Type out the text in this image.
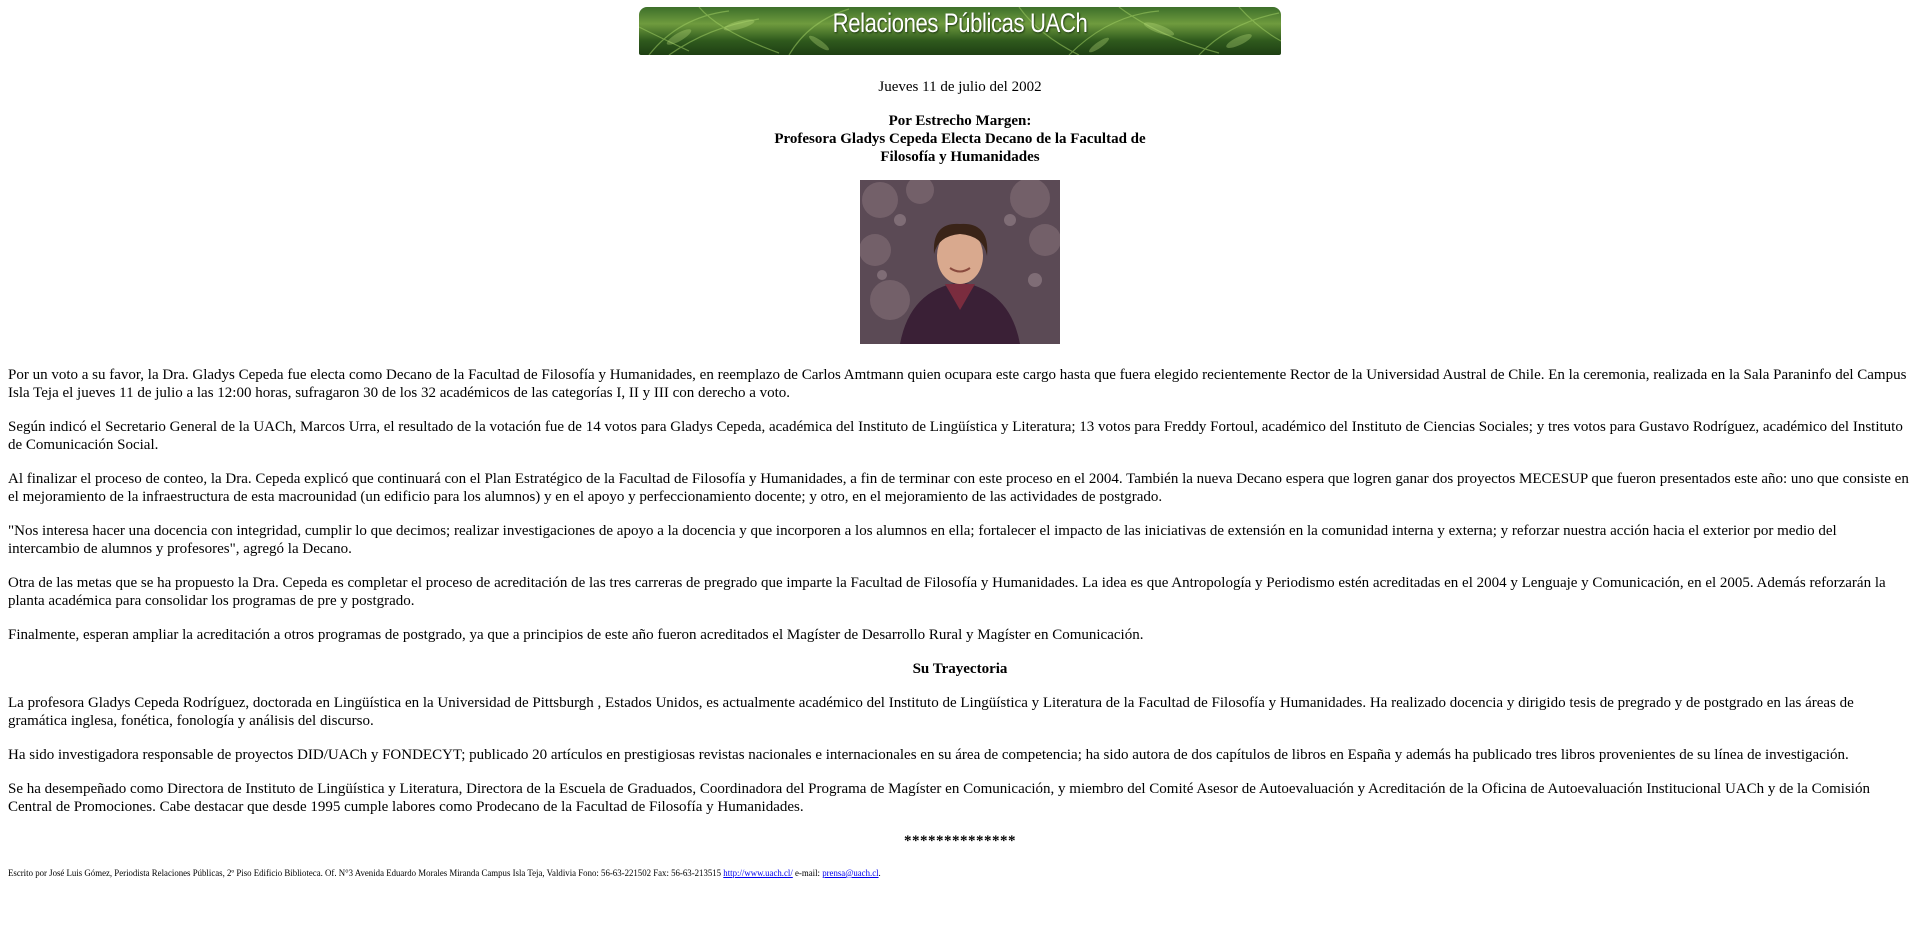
Relaciones Públicas UACh
Jueves 11 de julio del 2002
Por Estrecho Margen:
Profesora Gladys Cepeda Electa Decano de la Facultad de
Filosofía y Humanidades

Por un voto a su favor, la Dra. Gladys Cepeda fue electa como Decano de la Facultad de Filosofía y Humanidades, en reemplazo de Carlos Amtmann quien ocupara este cargo hasta que fuera elegido recientemente Rector de la Universidad Austral de Chile. En la ceremonia, realizada en la Sala Paraninfo del Campus Isla Teja el jueves 11 de julio a las 12:00 horas, sufragaron 30 de los 32 académicos de las categorías I, II y III con derecho a voto.

Según indicó el Secretario General de la UACh, Marcos Urra, el resultado de la votación fue de 14 votos para Gladys Cepeda, académica del Instituto de Lingüística y Literatura; 13 votos para Freddy Fortoul, académico del Instituto de Ciencias Sociales; y tres votos para Gustavo Rodríguez, académico del Instituto de Comunicación Social.

Al finalizar el proceso de conteo, la Dra. Cepeda explicó que continuará con el Plan Estratégico de la Facultad de Filosofía y Humanidades, a fin de terminar con este proceso en el 2004. También la nueva Decano espera que logren ganar dos proyectos MECESUP que fueron presentados este año: uno que consiste en el mejoramiento de la infraestructura de esta macrounidad (un edificio para los alumnos) y en el apoyo y perfeccionamiento docente; y otro, en el mejoramiento de las actividades de postgrado.

"Nos interesa hacer una docencia con integridad, cumplir lo que decimos; realizar investigaciones de apoyo a la docencia y que incorporen a los alumnos en ella; fortalecer el impacto de las iniciativas de extensión en la comunidad interna y externa; y reforzar nuestra acción hacia el exterior por medio del intercambio de alumnos y profesores", agregó la Decano.

Otra de las metas que se ha propuesto la Dra. Cepeda es completar el proceso de acreditación de las tres carreras de pregrado que imparte la Facultad de Filosofía y Humanidades. La idea es que Antropología y Periodismo estén acreditadas en el 2004 y Lenguaje y Comunicación, en el 2005. Además reforzarán la planta académica para consolidar los programas de pre y postgrado.

Finalmente, esperan ampliar la acreditación a otros programas de postgrado, ya que a principios de este año fueron acreditados el Magíster de Desarrollo Rural y Magíster en Comunicación.

Su Trayectoria

La profesora Gladys Cepeda Rodríguez, doctorada en Lingüística en la Universidad de Pittsburgh , Estados Unidos, es actualmente académico del Instituto de Lingüística y Literatura de la Facultad de Filosofía y Humanidades. Ha realizado docencia y dirigido tesis de pregrado y de postgrado en las áreas de gramática inglesa, fonética, fonología y análisis del discurso.

Ha sido investigadora responsable de proyectos DID/UACh y FONDECYT; publicado 20 artículos en prestigiosas revistas nacionales e internacionales en su área de competencia; ha sido autora de dos capítulos de libros en España y además ha publicado tres libros provenientes de su línea de investigación.

Se ha desempeñado como Directora de Instituto de Lingüística y Literatura, Directora de la Escuela de Graduados, Coordinadora del Programa de Magíster en Comunicación, y miembro del Comité Asesor de Autoevaluación y Acreditación de la Oficina de Autoevaluación Institucional UACh y de la Comisión Central de Promociones. Cabe destacar que desde 1995 cumple labores como Prodecano de la Facultad de Filosofía y Humanidades.

**************
Escrito por José Luis Gómez, Periodista Relaciones Públicas, 2º Piso Edificio Biblioteca. Of. N°3 Avenida Eduardo Morales Miranda Campus Isla Teja, Valdivia Fono: 56-63-221502 Fax: 56-63-213515 http://www.uach.cl/ e-mail: prensa@uach.cl.
